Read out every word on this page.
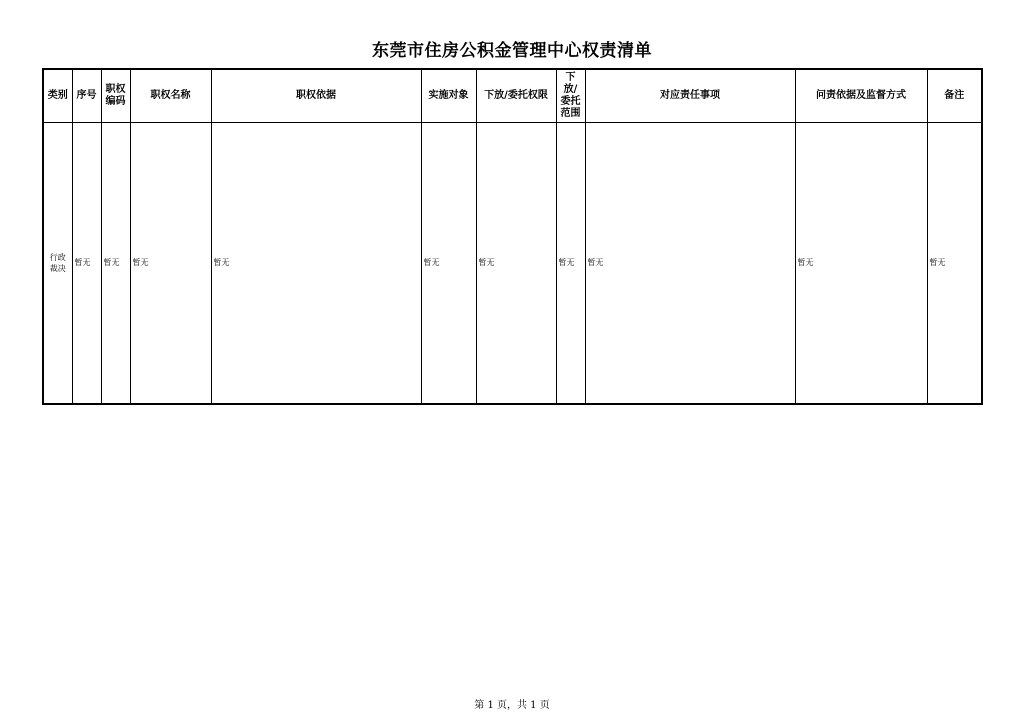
东莞市住房公积金管理中心权责清单
类别	序号	职权编码	职权名称	职权依据	实施对象	下放/委托权限	下放/委托范围	对应责任事项	问责依据及监督方式	备注
行政裁决	暂无	暂无	暂无	暂无	暂无	暂无	暂无	暂无	暂无	暂无
第 1 页，共 1 页
